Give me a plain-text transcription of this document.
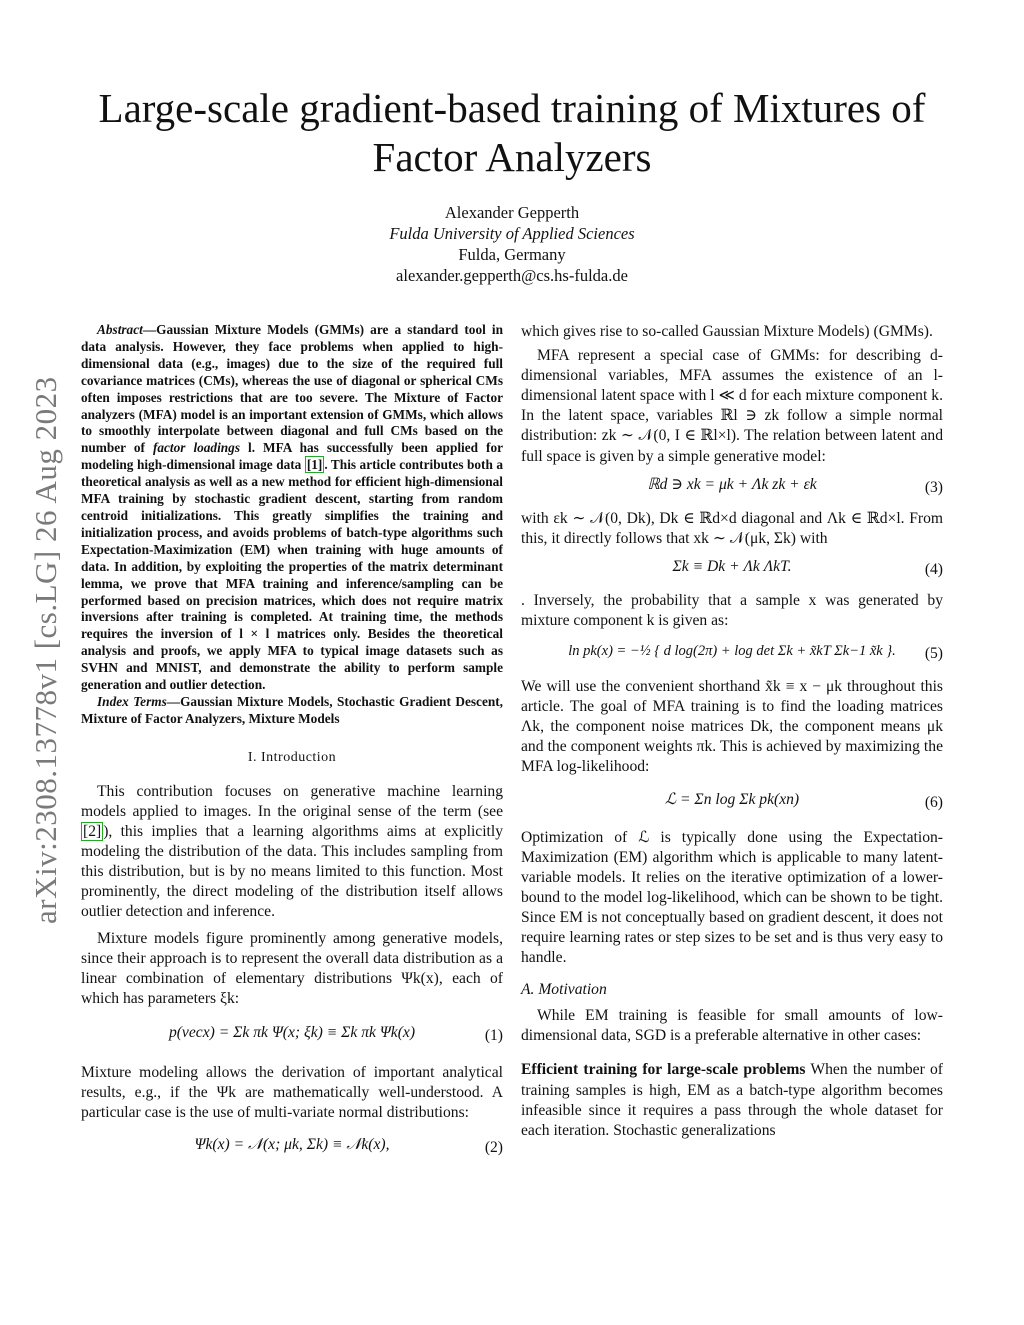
arXiv:2308.13778v1 [cs.LG] 26 Aug 2023
Large-scale gradient-based training of Mixtures of
Factor Analyzers
Alexander Gepperth
Fulda University of Applied Sciences
Fulda, Germany
alexander.gepperth@cs.hs-fulda.de

Abstract—Gaussian Mixture Models (GMMs) are a standard tool in data analysis. However, they face problems when applied to high-dimensional data (e.g., images) due to the size of the required full covariance matrices (CMs), whereas the use of diagonal or spherical CMs often imposes restrictions that are too severe. The Mixture of Factor analyzers (MFA) model is an important extension of GMMs, which allows to smoothly interpolate between diagonal and full CMs based on the number of factor loadings l. MFA has successfully been applied for modeling high-dimensional image data [1] . This article contributes both a theoretical analysis as well as a new method for efficient high-dimensional MFA training by stochastic gradient descent, starting from random centroid initializations. This greatly simplifies the training and initialization process, and avoids problems of batch-type algorithms such Expectation-Maximization (EM) when training with huge amounts of data. In addition, by exploiting the properties of the matrix determinant lemma, we prove that MFA training and inference/sampling can be performed based on precision matrices, which does not require matrix inversions after training is completed. At training time, the methods requires the inversion of l × l matrices only. Besides the theoretical analysis and proofs, we apply MFA to typical image datasets such as SVHN and MNIST, and demonstrate the ability to perform sample generation and outlier detection.

Index Terms—Gaussian Mixture Models, Stochastic Gradient Descent, Mixture of Factor Analyzers, Mixture Models

I. Introduction

This contribution focuses on generative machine learning models applied to images. In the original sense of the term (see [2] ), this implies that a learning algorithms aims at explicitly modeling the distribution of the data. This includes sampling from this distribution, but is by no means limited to this function. Most prominently, the direct modeling of the distribution itself allows outlier detection and inference.

Mixture models figure prominently among generative models, since their approach is to represent the overall data distribution as a linear combination of elementary distributions Ψk(x), each of which has parameters ξk:

p(vecx) = Σk πk Ψ(x; ξk) ≡ Σk πk Ψk(x)	(1)

Mixture modeling allows the derivation of important analytical results, e.g., if the Ψk are mathematically well-understood. A particular case is the use of multi-variate normal distributions:

Ψk(x) = 𝒩(x; μk, Σk) ≡ 𝒩k(x),	(2)

which gives rise to so-called Gaussian Mixture Models) (GMMs).

MFA represent a special case of GMMs: for describing d-dimensional variables, MFA assumes the existence of an l-dimensional latent space with l ≪ d for each mixture component k. In the latent space, variables ℝl ∋ zk follow a simple normal distribution: zk ∼ 𝒩(0, I ∈ ℝl×l). The relation between latent and full space is given by a simple generative model:

ℝd ∋ xk = μk + Λk zk + εk	(3)

with εk ∼ 𝒩(0, Dk), Dk ∈ ℝd×d diagonal and Λk ∈ ℝd×l. From this, it directly follows that xk ∼ 𝒩(μk, Σk) with

Σk ≡ Dk + Λk ΛkT.	(4)

. Inversely, the probability that a sample x was generated by mixture component k is given as:

ln pk(x) = −½ { d log(2π) + log det Σk + x̃kT Σk−1 x̃k }. (5)

We will use the convenient shorthand x̃k ≡ x − μk throughout this article. The goal of MFA training is to find the loading matrices Λk, the component noise matrices Dk, the component means μk and the component weights πk. This is achieved by maximizing the MFA log-likelihood:

ℒ = Σn log Σk pk(xn)	(6)

Optimization of ℒ is typically done using the Expectation-Maximization (EM) algorithm which is applicable to many latent-variable models. It relies on the iterative optimization of a lower-bound to the model log-likelihood, which can be shown to be tight. Since EM is not conceptually based on gradient descent, it does not require learning rates or step sizes to be set and is thus very easy to handle.

A. Motivation

While EM training is feasible for small amounts of low-dimensional data, SGD is a preferable alternative in other cases:

Efficient training for large-scale problems When the number of training samples is high, EM as a batch-type algorithm becomes infeasible since it requires a pass through the whole dataset for each iteration. Stochastic generalizations
